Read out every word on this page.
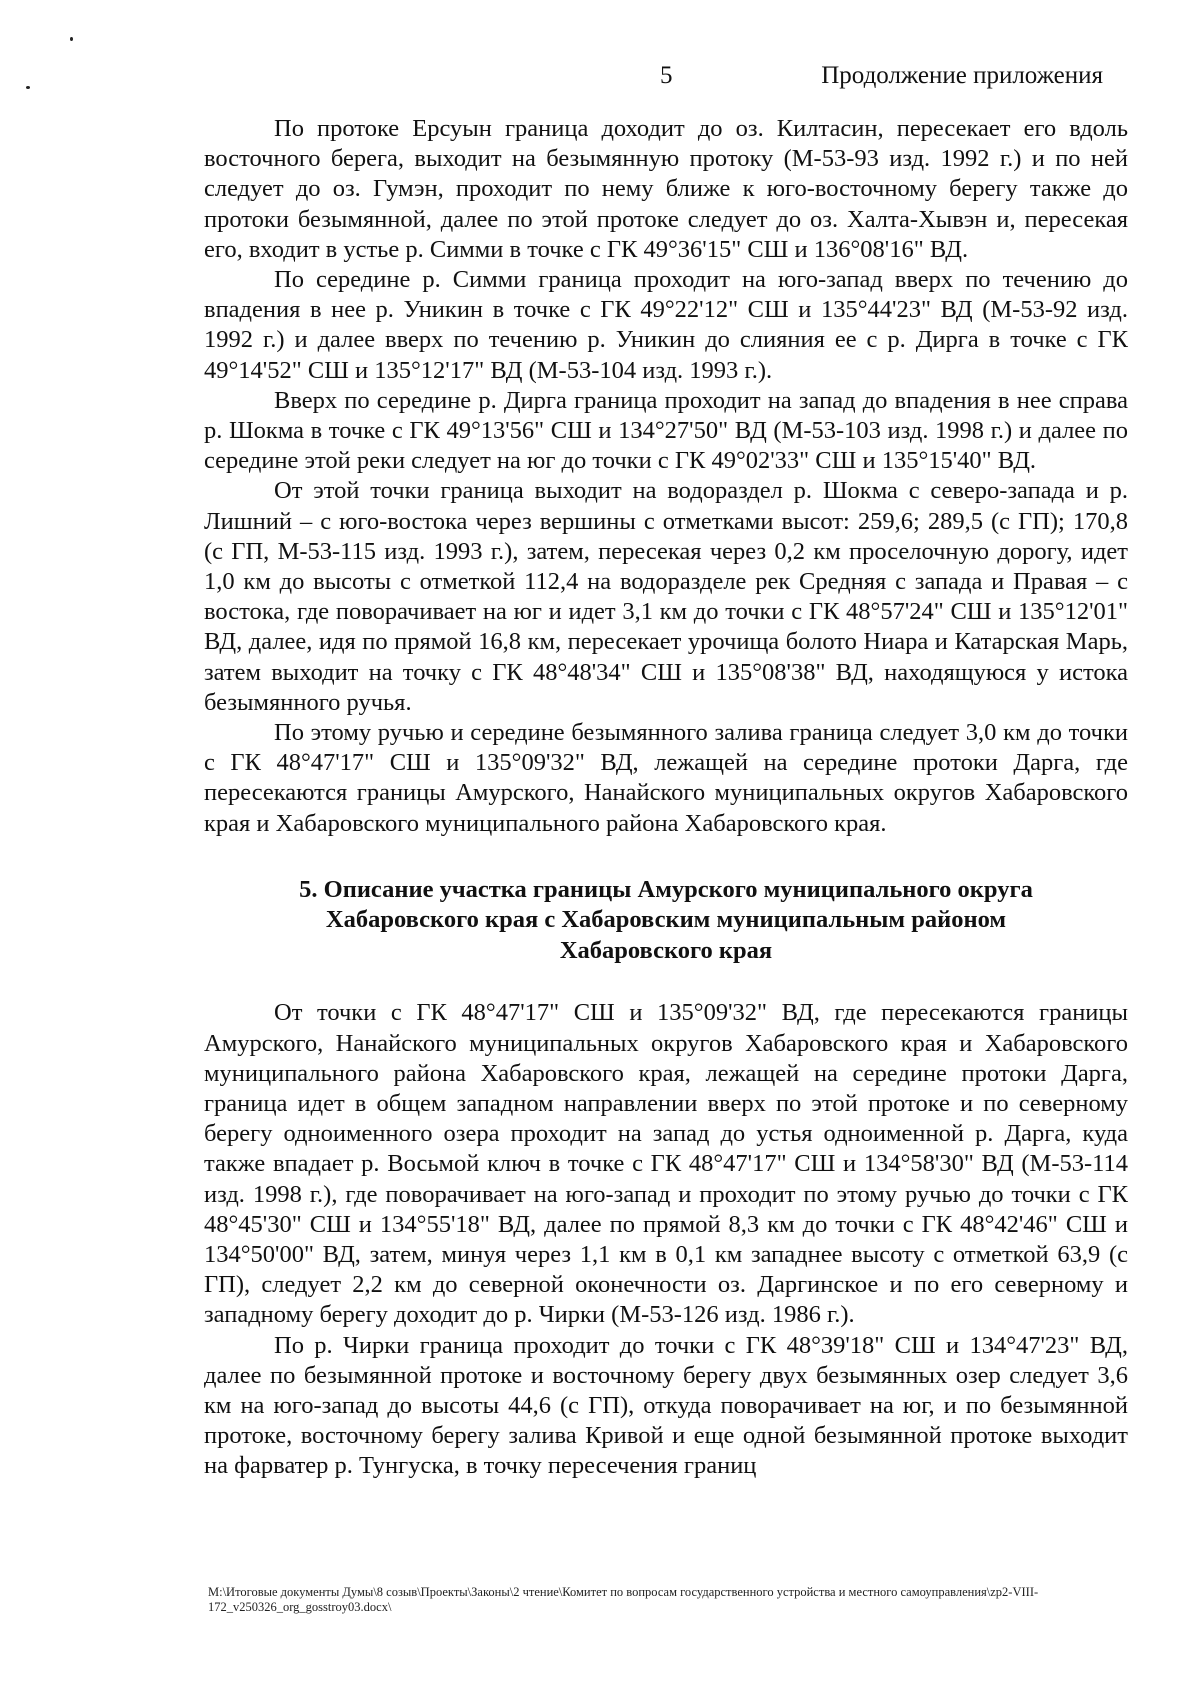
5	Продолжение приложения

По протоке Ерсуын граница доходит до оз. Килтасин, пересекает его вдоль восточного берега, выходит на безымянную протоку (М-53-93 изд. 1992 г.) и по ней следует до оз. Гумэн, проходит по нему ближе к юго-восточному берегу также до протоки безымянной, далее по этой протоке следует до оз. Халта-Хывэн и, пересекая его, входит в устье р. Симми в точке с ГК 49°36'15" СШ и 136°08'16" ВД.

По середине р. Симми граница проходит на юго-запад вверх по течению до впадения в нее р. Уникин в точке с ГК 49°22'12" СШ и 135°44'23" ВД (М-53-92 изд. 1992 г.) и далее вверх по течению р. Уникин до слияния ее с р. Дирга в точке с ГК 49°14'52" СШ и 135°12'17" ВД (М-53-104 изд. 1993 г.).

Вверх по середине р. Дирга граница проходит на запад до впадения в нее справа р. Шокма в точке с ГК 49°13'56" СШ и 134°27'50" ВД (М-53-103 изд. 1998 г.) и далее по середине этой реки следует на юг до точки с ГК 49°02'33" СШ и 135°15'40" ВД.

От этой точки граница выходит на водораздел р. Шокма с северо-запада и р. Лишний – с юго-востока через вершины с отметками высот: 259,6; 289,5 (с ГП); 170,8 (с ГП, М-53-115 изд. 1993 г.), затем, пересекая через 0,2 км проселочную дорогу, идет 1,0 км до высоты с отметкой 112,4 на водоразделе рек Средняя с запада и Правая – с востока, где поворачивает на юг и идет 3,1 км до точки с ГК 48°57'24" СШ и 135°12'01" ВД, далее, идя по прямой 16,8 км, пересекает урочища болото Ниара и Катарская Марь, затем выходит на точку с ГК 48°48'34" СШ и 135°08'38" ВД, находящуюся у истока безымянного ручья.

По этому ручью и середине безымянного залива граница следует 3,0 км до точки с ГК 48°47'17" СШ и 135°09'32" ВД, лежащей на середине протоки Дарга, где пересекаются границы Амурского, Нанайского муниципальных округов Хабаровского края и Хабаровского муниципального района Хабаровского края.

5. Описание участка границы Амурского муниципального округа Хабаровского края с Хабаровским муниципальным районом Хабаровского края

От точки с ГК 48°47'17" СШ и 135°09'32" ВД, где пересекаются границы Амурского, Нанайского муниципальных округов Хабаровского края и Хабаровского муниципального района Хабаровского края, лежащей на середине протоки Дарга, граница идет в общем западном направлении вверх по этой протоке и по северному берегу одноименного озера проходит на запад до устья одноименной р. Дарга, куда также впадает р. Восьмой ключ в точке с ГК 48°47'17" СШ и 134°58'30" ВД (М-53-114 изд. 1998 г.), где поворачивает на юго-запад и проходит по этому ручью до точки с ГК 48°45'30" СШ и 134°55'18" ВД, далее по прямой 8,3 км до точки с ГК 48°42'46" СШ и 134°50'00" ВД, затем, минуя через 1,1 км в 0,1 км западнее высоту с отметкой 63,9 (с ГП), следует 2,2 км до северной оконечности оз. Даргинское и по его северному и западному берегу доходит до р. Чирки (М-53-126 изд. 1986 г.).

По р. Чирки граница проходит до точки с ГК 48°39'18" СШ и 134°47'23" ВД, далее по безымянной протоке и восточному берегу двух безымянных озер следует 3,6 км на юго-запад до высоты 44,6 (с ГП), откуда поворачивает на юг, и по безымянной протоке, восточному берегу залива Кривой и еще одной безымянной протоке выходит на фарватер р. Тунгуска, в точку пересечения границ

M:\Итоговые документы Думы\8 созыв\Проекты\Законы\2 чтение\Комитет по вопросам государственного устройства и местного самоуправления\zp2-VIII-172_v250326_org_gosstroy03.docx\
